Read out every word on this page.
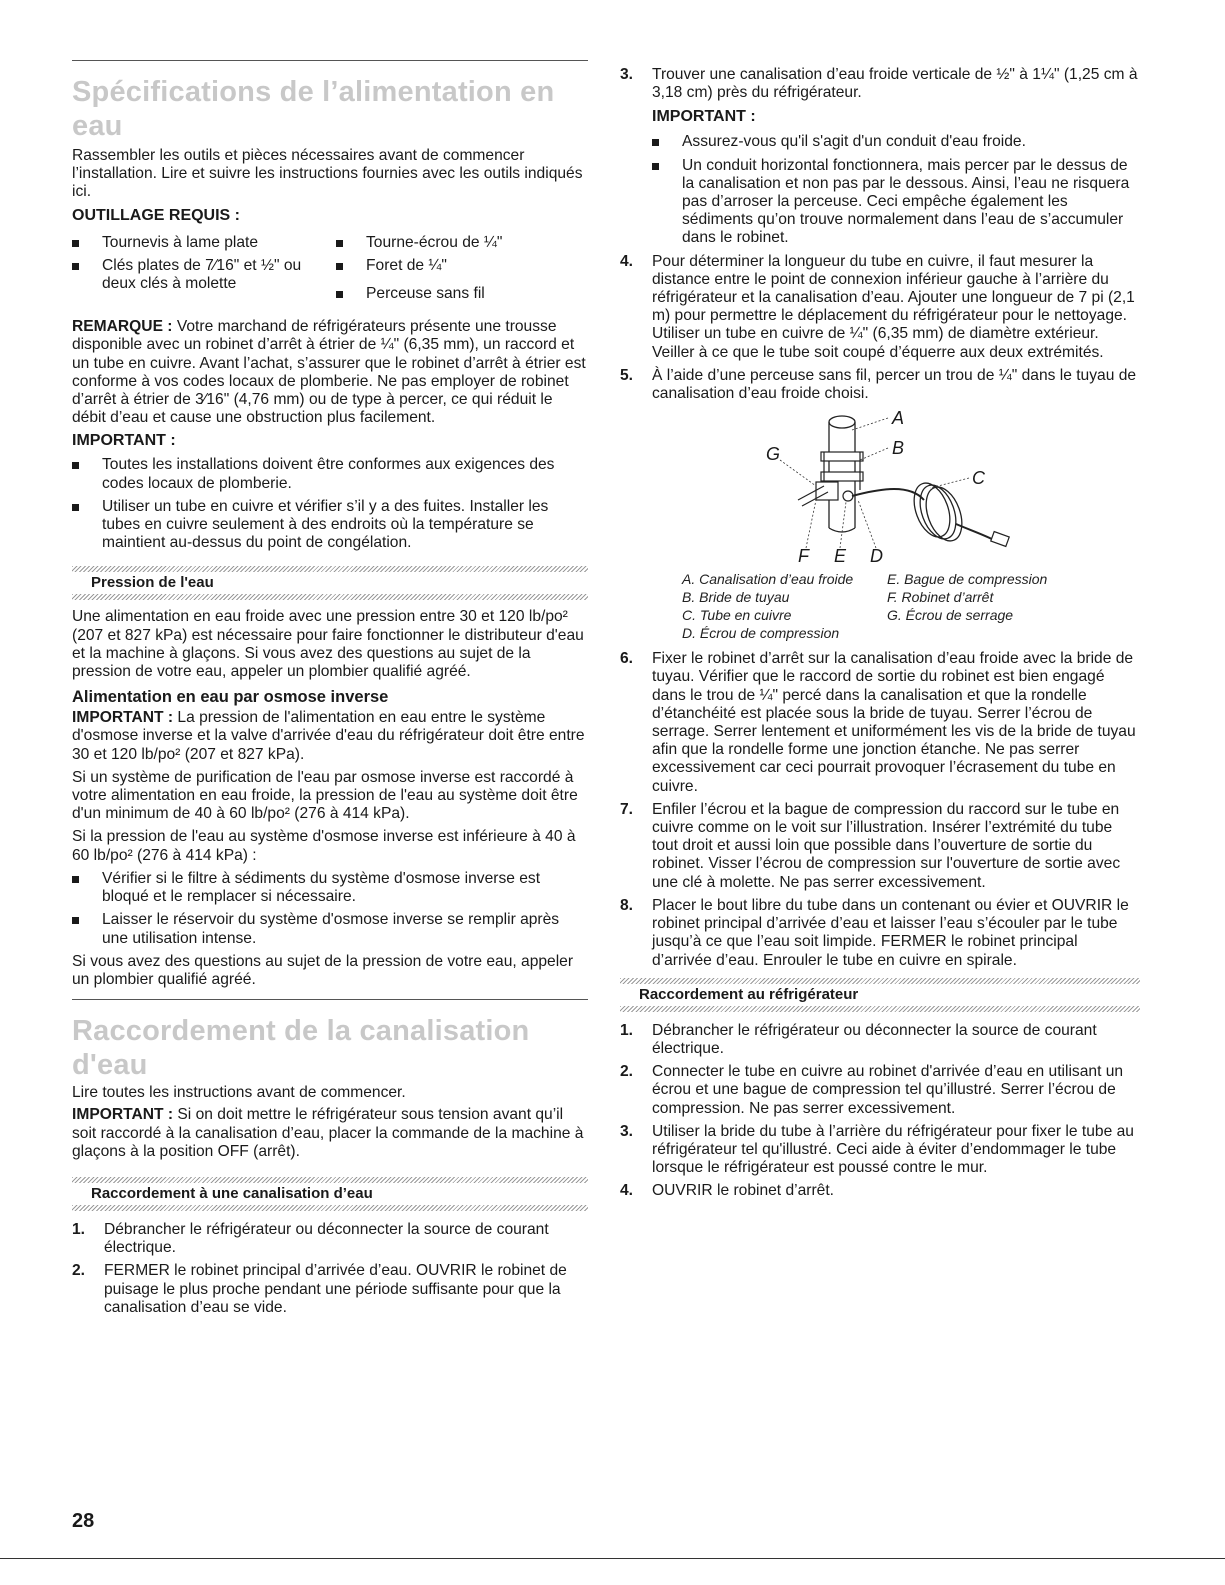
Spécifications de l’alimentation en eau

Rassembler les outils et pièces nécessaires avant de commencer l’installation. Lire et suivre les instructions fournies avec les outils indiqués ici.

OUTILLAGE REQUIS :

Tournevis à lame plate
Clés plates de 7⁄16" et ½" ou deux clés à molette
Tourne-écrou de ¼"
Foret de ¼"
Perceuse sans fil

REMARQUE : Votre marchand de réfrigérateurs présente une trousse disponible avec un robinet d’arrêt à étrier de ¼" (6,35 mm), un raccord et un tube en cuivre. Avant l’achat, s’assurer que le robinet d’arrêt à étrier est conforme à vos codes locaux de plomberie. Ne pas employer de robinet d’arrêt à étrier de 3⁄16" (4,76 mm) ou de type à percer, ce qui réduit le débit d’eau et cause une obstruction plus facilement.

IMPORTANT :

Toutes les installations doivent être conformes aux exigences des codes locaux de plomberie.
Utiliser un tube en cuivre et vérifier s’il y a des fuites. Installer les tubes en cuivre seulement à des endroits où la température se maintient au-dessus du point de congélation.

Pression de l'eau

Une alimentation en eau froide avec une pression entre 30 et 120 lb/po² (207 et 827 kPa) est nécessaire pour faire fonctionner le distributeur d'eau et la machine à glaçons. Si vous avez des questions au sujet de la pression de votre eau, appeler un plombier qualifié agréé.

Alimentation en eau par osmose inverse

IMPORTANT : La pression de l'alimentation en eau entre le système d'osmose inverse et la valve d'arrivée d'eau du réfrigérateur doit être entre 30 et 120 lb/po² (207 et 827 kPa).

Si un système de purification de l'eau par osmose inverse est raccordé à votre alimentation en eau froide, la pression de l'eau au système doit être d'un minimum de 40 à 60 lb/po² (276 à 414 kPa).

Si la pression de l'eau au système d'osmose inverse est inférieure à 40 à 60 lb/po² (276 à 414 kPa) :

Vérifier si le filtre à sédiments du système d'osmose inverse est bloqué et le remplacer si nécessaire.
Laisser le réservoir du système d'osmose inverse se remplir après une utilisation intense.

Si vous avez des questions au sujet de la pression de votre eau, appeler un plombier qualifié agréé.

Raccordement de la canalisation d'eau

Lire toutes les instructions avant de commencer.

IMPORTANT : Si on doit mettre le réfrigérateur sous tension avant qu’il soit raccordé à la canalisation d’eau, placer la commande de la machine à glaçons à la position OFF (arrêt).

Raccordement à une canalisation d’eau

1. Débrancher le réfrigérateur ou déconnecter la source de courant électrique.
2. FERMER le robinet principal d’arrivée d’eau. OUVRIR le robinet de puisage le plus proche pendant une période suffisante pour que la canalisation d’eau se vide.
3. Trouver une canalisation d’eau froide verticale de ½" à 1¼" (1,25 cm à 3,18 cm) près du réfrigérateur.

IMPORTANT :

Assurez-vous qu'il s'agit d'un conduit d'eau froide.
Un conduit horizontal fonctionnera, mais percer par le dessus de la canalisation et non pas par le dessous. Ainsi, l’eau ne risquera pas d’arroser la perceuse. Ceci empêche également les sédiments qu’on trouve normalement dans l’eau de s’accumuler dans le robinet.
4. Pour déterminer la longueur du tube en cuivre, il faut mesurer la distance entre le point de connexion inférieur gauche à l’arrière du réfrigérateur et la canalisation d’eau. Ajouter une longueur de 7 pi (2,1 m) pour permettre le déplacement du réfrigérateur pour le nettoyage. Utiliser un tube en cuivre de ¼" (6,35 mm) de diamètre extérieur. Veiller à ce que le tube soit coupé d’équerre aux deux extrémités.
5. À l’aide d’une perceuse sans fil, percer un trou de ¼" dans le tuyau de canalisation d’eau froide choisi.
A
B
C
G
F E D
A. Canalisation d’eau froide	E. Bague de compression
B. Bride de tuyau	F. Robinet d’arrêt
C. Tube en cuivre	G. Écrou de serrage
D. Écrou de compression
6. Fixer le robinet d’arrêt sur la canalisation d’eau froide avec la bride de tuyau. Vérifier que le raccord de sortie du robinet est bien engagé dans le trou de ¼" percé dans la canalisation et que la rondelle d’étanchéité est placée sous la bride de tuyau. Serrer l’écrou de serrage. Serrer lentement et uniformément les vis de la bride de tuyau afin que la rondelle forme une jonction étanche. Ne pas serrer excessivement car ceci pourrait provoquer l’écrasement du tube en cuivre.
7. Enfiler l’écrou et la bague de compression du raccord sur le tube en cuivre comme on le voit sur l’illustration. Insérer l’extrémité du tube tout droit et aussi loin que possible dans l’ouverture de sortie du robinet. Visser l’écrou de compression sur l'ouverture de sortie avec une clé à molette. Ne pas serrer excessivement.
8. Placer le bout libre du tube dans un contenant ou évier et OUVRIR le robinet principal d’arrivée d’eau et laisser l’eau s’écouler par le tube jusqu’à ce que l’eau soit limpide. FERMER le robinet principal d’arrivée d’eau. Enrouler le tube en cuivre en spirale.

Raccordement au réfrigérateur

1. Débrancher le réfrigérateur ou déconnecter la source de courant électrique.
2. Connecter le tube en cuivre au robinet d'arrivée d’eau en utilisant un écrou et une bague de compression tel qu’illustré. Serrer l’écrou de compression. Ne pas serrer excessivement.
3. Utiliser la bride du tube à l’arrière du réfrigérateur pour fixer le tube au réfrigérateur tel qu'illustré. Ceci aide à éviter d’endommager le tube lorsque le réfrigérateur est poussé contre le mur.
4. OUVRIR le robinet d’arrêt.
28
